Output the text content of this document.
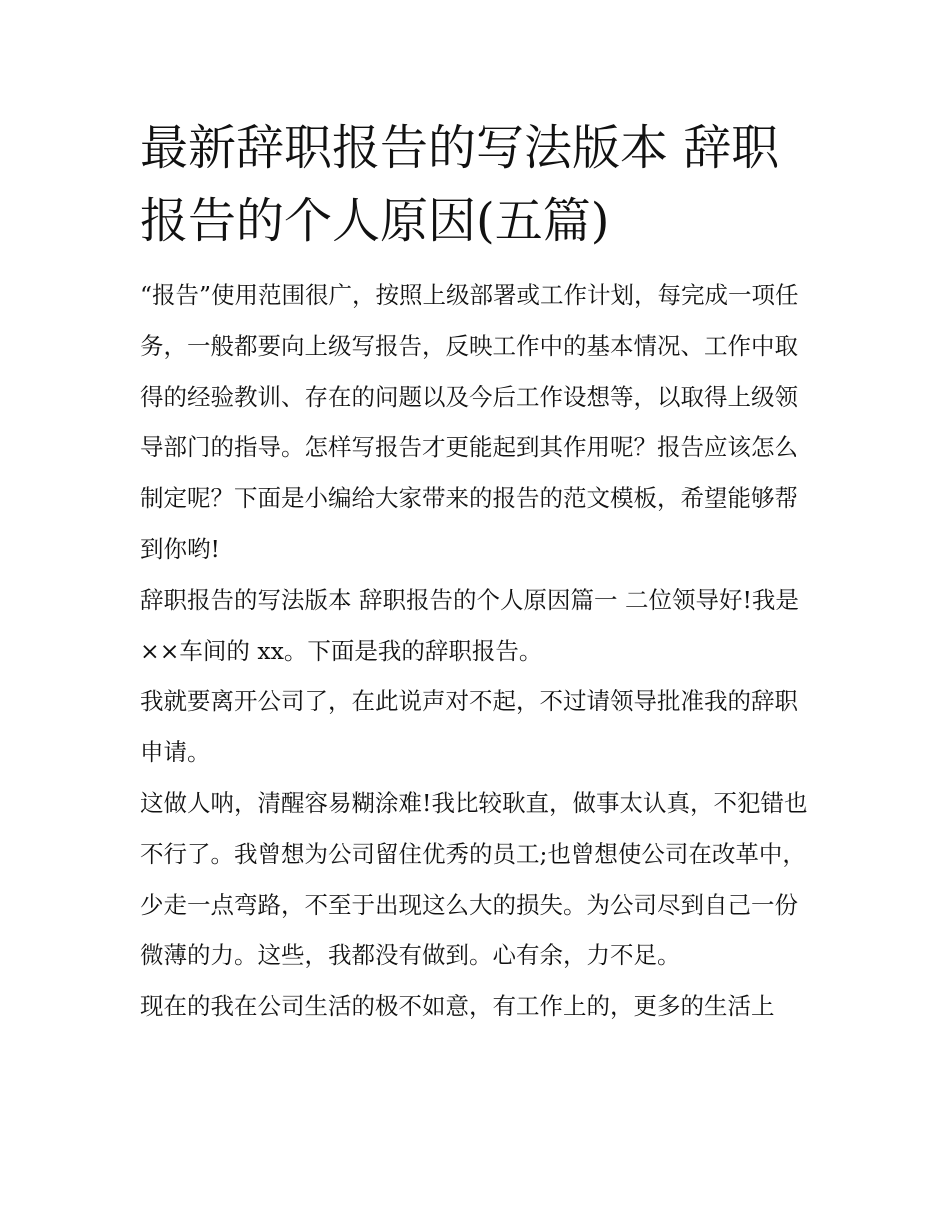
最新辞职报告的写法版本 辞职报告的个人原因(五篇)

“报告”使用范围很广，按照上级部署或工作计划，每完成一项任务，一般都要向上级写报告，反映工作中的基本情况、工作中取得的经验教训、存在的问题以及今后工作设想等，以取得上级领导部门的指导。怎样写报告才更能起到其作用呢？报告应该怎么制定呢？下面是小编给大家带来的报告的范文模板，希望能够帮到你哟!

辞职报告的写法版本 辞职报告的个人原因篇一 二位领导好!我是××车间的 xx。下面是我的辞职报告。

我就要离开公司了，在此说声对不起，不过请领导批准我的辞职申请。

这做人呐，清醒容易糊涂难!我比较耿直，做事太认真，不犯错也不行了。我曾想为公司留住优秀的员工;也曾想使公司在改革中，少走一点弯路，不至于出现这么大的损失。为公司尽到自己一份微薄的力。这些，我都没有做到。心有余，力不足。

现在的我在公司生活的极不如意，有工作上的，更多的生活上
